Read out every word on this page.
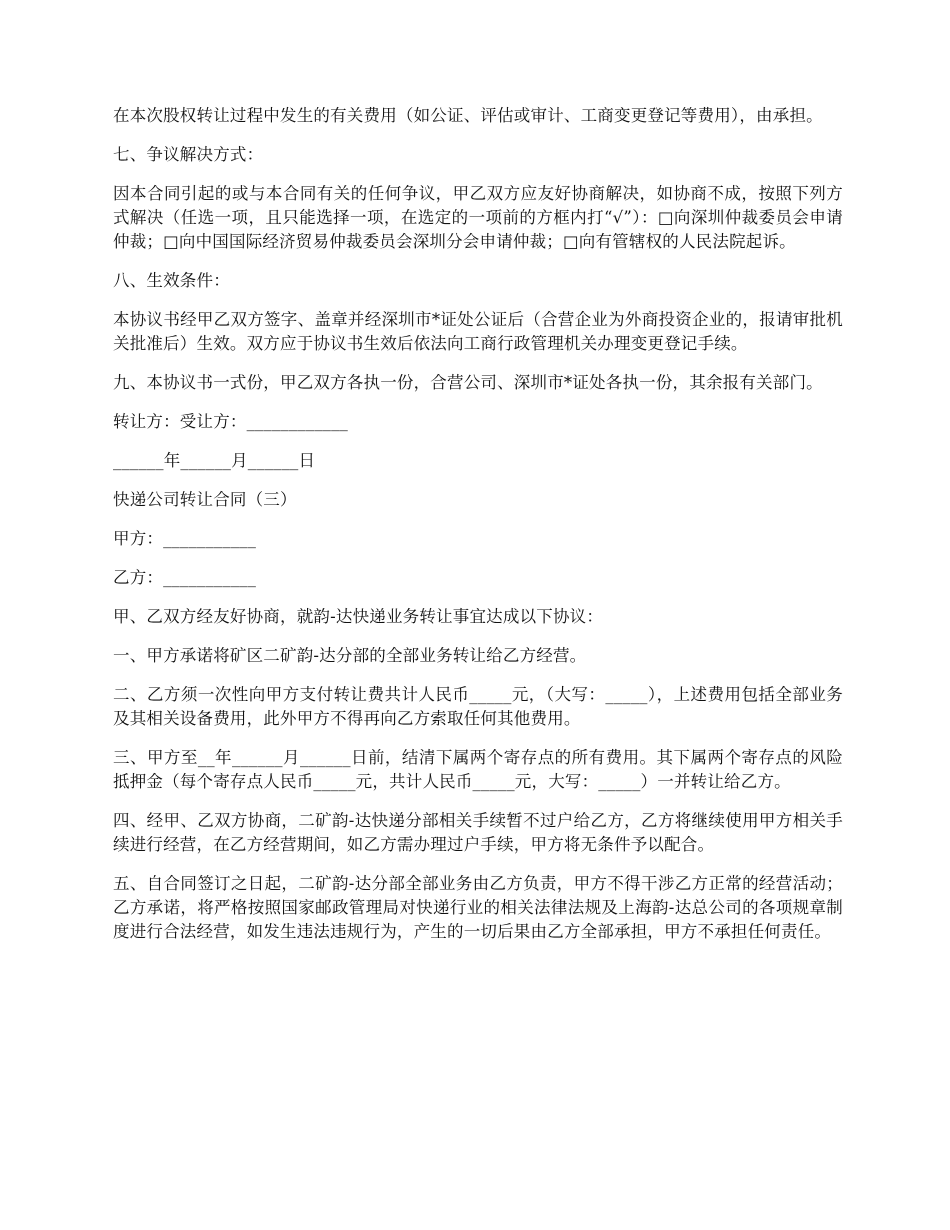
在本次股权转让过程中发生的有关费用（如公证、评估或审计、工商变更登记等费用），由承担。

七、争议解决方式：

因本合同引起的或与本合同有关的任何争议，甲乙双方应友好协商解决，如协商不成，按照下列方式解决（任选一项，且只能选择一项，在选定的一项前的方框内打“√”）：□向深圳仲裁委员会申请仲裁；□向中国国际经济贸易仲裁委员会深圳分会申请仲裁；□向有管辖权的人民法院起诉。

八、生效条件：

本协议书经甲乙双方签字、盖章并经深圳市*证处公证后（合营企业为外商投资企业的，报请审批机关批准后）生效。双方应于协议书生效后依法向工商行政管理机关办理变更登记手续。

九、本协议书一式份，甲乙双方各执一份，合营公司、深圳市*证处各执一份，其余报有关部门。

转让方：受让方：____________

______年______月______日

快递公司转让合同（三）

甲方：___________

乙方：___________

甲、乙双方经友好协商，就韵-达快递业务转让事宜达成以下协议：

一、甲方承诺将矿区二矿韵-达分部的全部业务转让给乙方经营。

二、乙方须一次性向甲方支付转让费共计人民币_____元，（大写：_____），上述费用包括全部业务及其相关设备费用，此外甲方不得再向乙方索取任何其他费用。

三、甲方至__年______月______日前，结清下属两个寄存点的所有费用。其下属两个寄存点的风险抵押金（每个寄存点人民币_____元，共计人民币_____元，大写：_____）一并转让给乙方。

四、经甲、乙双方协商，二矿韵-达快递分部相关手续暂不过户给乙方，乙方将继续使用甲方相关手续进行经营，在乙方经营期间，如乙方需办理过户手续，甲方将无条件予以配合。

五、自合同签订之日起，二矿韵-达分部全部业务由乙方负责，甲方不得干涉乙方正常的经营活动；乙方承诺，将严格按照国家邮政管理局对快递行业的相关法律法规及上海韵-达总公司的各项规章制度进行合法经营，如发生违法违规行为，产生的一切后果由乙方全部承担，甲方不承担任何责任。
